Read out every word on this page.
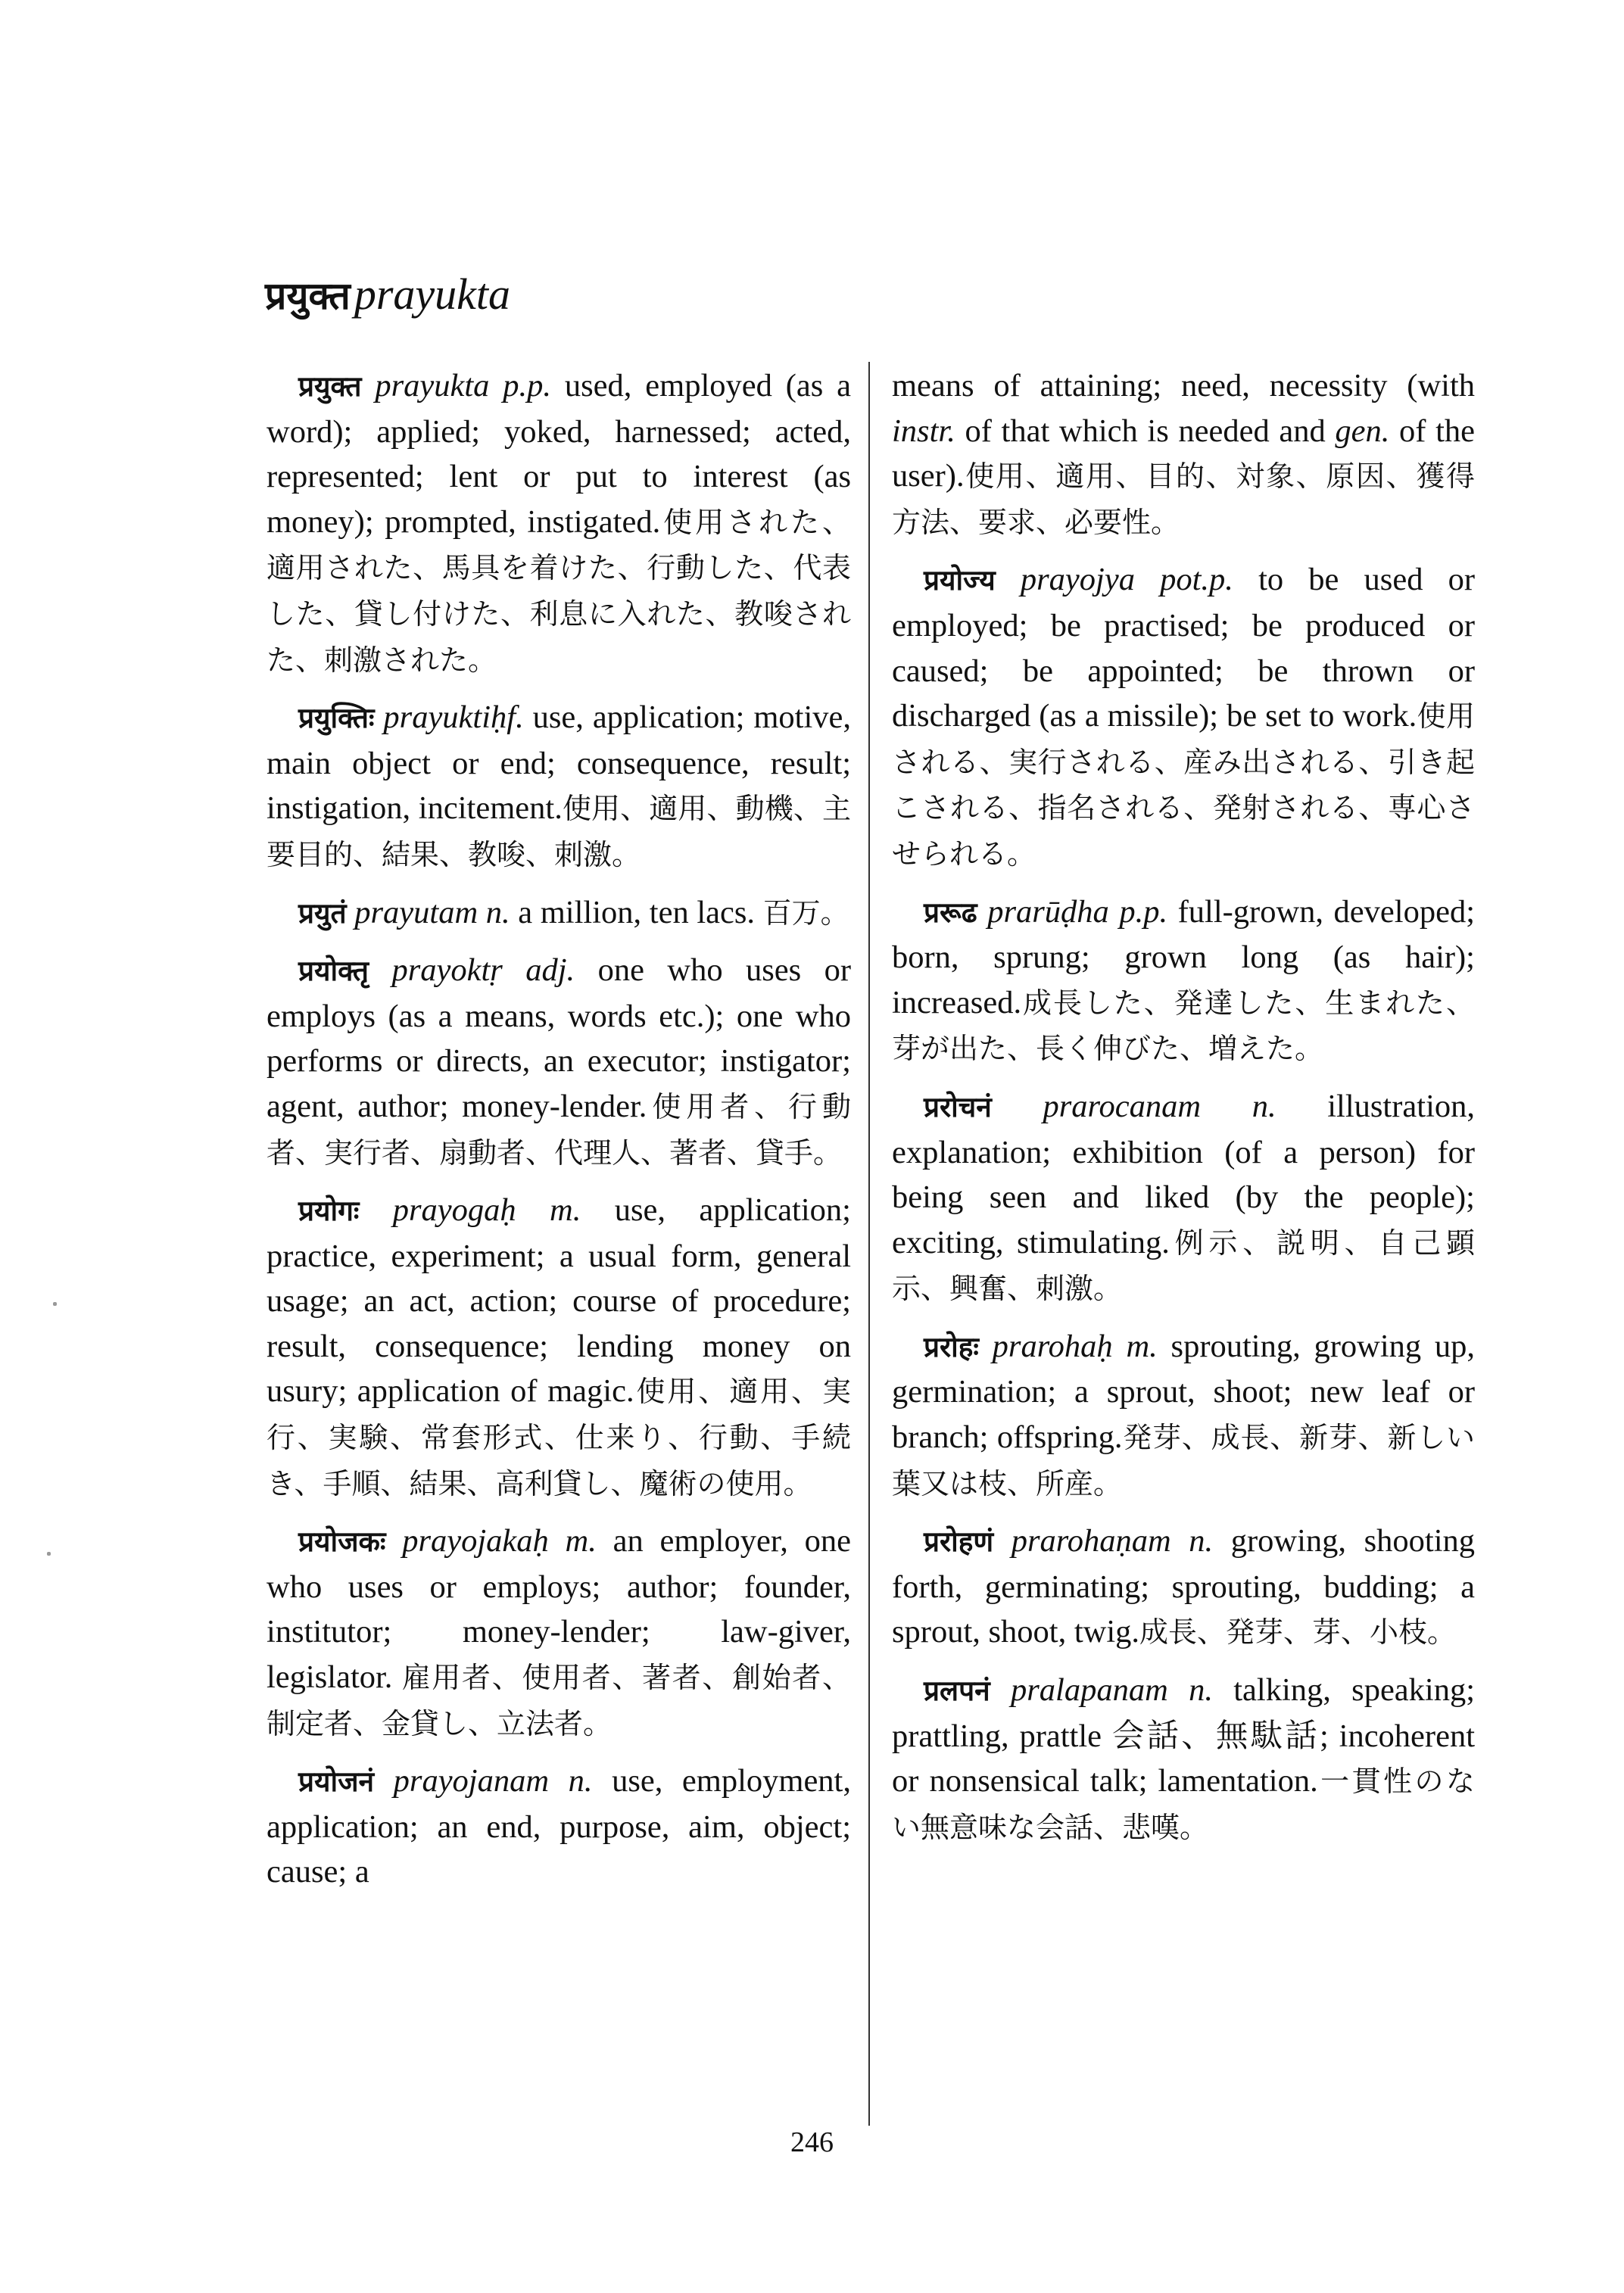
प्रयुक्त prayukta

प्रयुक्त prayukta p.p. used, employed (as a word); applied; yoked, harnessed; acted, represented; lent or put to interest (as money); prompted, instigated.使用された、適用された、馬具を着けた、行動した、代表した、貸し付けた、利息に入れた、教唆された、刺激された。

प्रयुक्तिः prayuktiḥf. use, application; motive, main object or end; consequence, result; instigation, incitement.使用、適用、動機、主要目的、結果、教唆、刺激。

प्रयुतं prayutam n. a million, ten lacs. 百万。

प्रयोक्तृ prayoktṛ adj. one who uses or employs (as a means, words etc.); one who performs or directs, an executor; instigator; agent, author; money-lender.使用者、行動者、実行者、扇動者、代理人、著者、貸手。

प्रयोगः prayogaḥ m. use, application; practice, experiment; a usual form, general usage; an act, action; course of procedure; result, consequence; lending money on usury; application of magic.使用、適用、実行、実験、常套形式、仕来り、行動、手続き、手順、結果、高利貸し、魔術の使用。

प्रयोजकः prayojakaḥ m. an employer, one who uses or employs; author; founder, institutor; money-lender; law-giver, legislator. 雇用者、使用者、著者、創始者、制定者、金貸し、立法者。

प्रयोजनं prayojanam n. use, employment, application; an end, purpose, aim, object; cause; a

means of attaining; need, necessity (with instr. of that which is needed and gen. of the user).使用、適用、目的、対象、原因、獲得方法、要求、必要性。

प्रयोज्य prayojya pot.p. to be used or employed; be practised; be produced or caused; be appointed; be thrown or discharged (as a missile); be set to work.使用される、実行される、産み出される、引き起こされる、指名される、発射される、専心させられる。

प्ररूढ prarūḍha p.p. full-grown, developed; born, sprung; grown long (as hair); increased.成長した、発達した、生まれた、芽が出た、長く伸びた、増えた。

प्ररोचनं prarocanam n. illustration, explanation; exhibition (of a person) for being seen and liked (by the people); exciting, stimulating.例示、説明、自己顕示、興奮、刺激。

प्ररोहः prarohaḥ m. sprouting, growing up, germination; a sprout, shoot; new leaf or branch; offspring.発芽、成長、新芽、新しい葉又は枝、所産。

प्ररोहणं prarohaṇam n. growing, shooting forth, germinating; sprouting, budding; a sprout, shoot, twig.成長、発芽、芽、小枝。

प्रलपनं pralapanam n. talking, speaking; prattling, prattle 会話、無駄話; incoherent or nonsensical talk; lamentation.一貫性のない無意味な会話、悲嘆。

246
